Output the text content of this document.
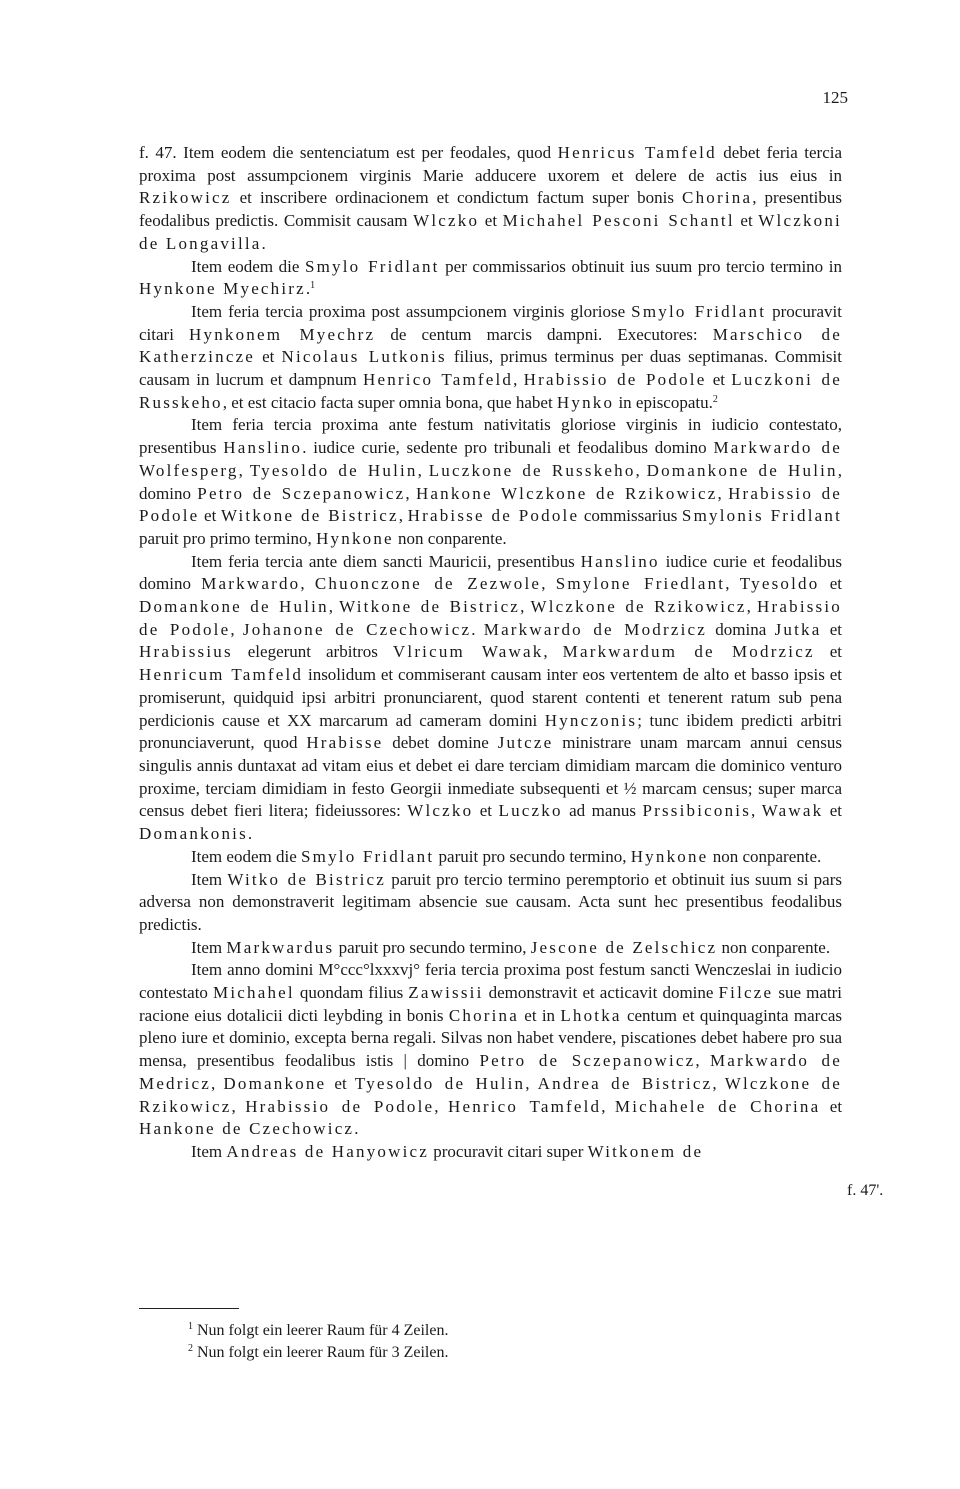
125

f. 47. Item eodem die sentenciatum est per feodales, quod Henricus Tamfeld debet feria tercia proxima post assumpcionem virginis Marie adducere uxorem et delere de actis ius eius in Rzikowicz et inscribere ordinacionem et condictum factum super bonis Chorina, presentibus feodalibus predictis. Commisit causam Wlczko et Michahel Pesconi Schantl et Wlczkoni de Longavilla.

Item eodem die Smylo Fridlant per commissarios obtinuit ius suum pro tercio termino in Hynkone Myechirz.$^1$

Item feria tercia proxima post assumpcionem virginis gloriose Smylo Fridlant procuravit citari Hynkonem Myechrz de centum marcis dampni. Executores: Marschico de Katherzincze et Nicolaus Lutkonis filius, primus terminus per duas septimanas. Commisit causam in lucrum et dampnum Henrico Tamfeld, Hrabissio de Podole et Luczkoni de Russkeho, et est citacio facta super omnia bona, que habet Hynko in episcopatu.$^2$

Item feria tercia proxima ante festum nativitatis gloriose virginis in iudicio contestato, presentibus Hanslino. iudice curie, sedente pro tribunali et feodalibus domino Markwardo de Wolfesperg, Tyesoldo de Hulin, Luczkone de Russkeho, Domankone de Hulin, domino Petro de Sczepanowicz, Hankone Wlczkone de Rzikowicz, Hrabissio de Podole et Witkone de Bistricz, Hrabisse de Podole commissarius Smylonis Fridlant paruit pro primo termino, Hynkone non conparente.

Item feria tercia ante diem sancti Mauricii, presentibus Hanslino iudice curie et feodalibus domino Markwardo, Chuonczone de Zezwole, Smylone Friedlant, Tyesoldo et Domankone de Hulin, Witkone de Bistricz, Wlczkone de Rzikowicz, Hrabissio de Podole, Johanone de Czechowicz. Markwardo de Modrzicz domina Jutka et Hrabissius elegerunt arbitros Vlricum Wawak, Markwardum de Modrzicz et Henricum Tamfeld insolidum et commiserant causam inter eos vertentem de alto et basso ipsis et promiserunt, quidquid ipsi arbitri pronunciarent, quod starent contenti et tenerent ratum sub pena perdicionis cause et XX marcarum ad cameram domini Hynczonis; tunc ibidem predicti arbitri pronunciaverunt, quod Hrabisse debet domine Jutcze ministrare unam marcam annui census singulis annis duntaxat ad vitam eius et debet ei dare terciam dimidiam marcam die dominico venturo proxime, terciam dimidiam in festo Georgii inmediate subsequenti et ½ marcam census; super marca census debet fieri litera; fideiussores: Wlczko et Luczko ad manus Prssibiconis, Wawak et Domankonis.

Item eodem die Smylo Fridlant paruit pro secundo termino, Hynkone non conparente.

Item Witko de Bistricz paruit pro tercio termino peremptorio et obtinuit ius suum si pars adversa non demonstraverit legitimam absencie sue causam. Acta sunt hec presentibus feodalibus predictis.

Item Markwardus paruit pro secundo termino, Jescone de Zelschicz non conparente.

Item anno domini M°ccc°lxxxvj° feria tercia proxima post festum sancti Wenczeslai in iudicio contestato Michahel quondam filius Zawissii demonstravit et acticavit domine Filcze sue matri racione eius dotalicii dicti leybding in bonis Chorina et in Lhotka centum et quinquaginta marcas pleno iure et dominio, excepta berna regali. Silvas non habet vendere, piscationes debet habere pro sua mensa, presentibus feodalibus istis | domino Petro de Sczepanowicz, Markwardo de Medricz, Domankone et Tyesoldo de Hulin, Andrea de Bistricz, Wlczkone de Rzikowicz, Hrabissio de Podole, Henrico Tamfeld, Michahele de Chorina et Hankone de Czechowicz.

Item Andreas de Hanyowicz procuravit citari super Witkonem de

f. 47'.
$^1$ Nun folgt ein leerer Raum für 4 Zeilen.
$^2$ Nun folgt ein leerer Raum für 3 Zeilen.
